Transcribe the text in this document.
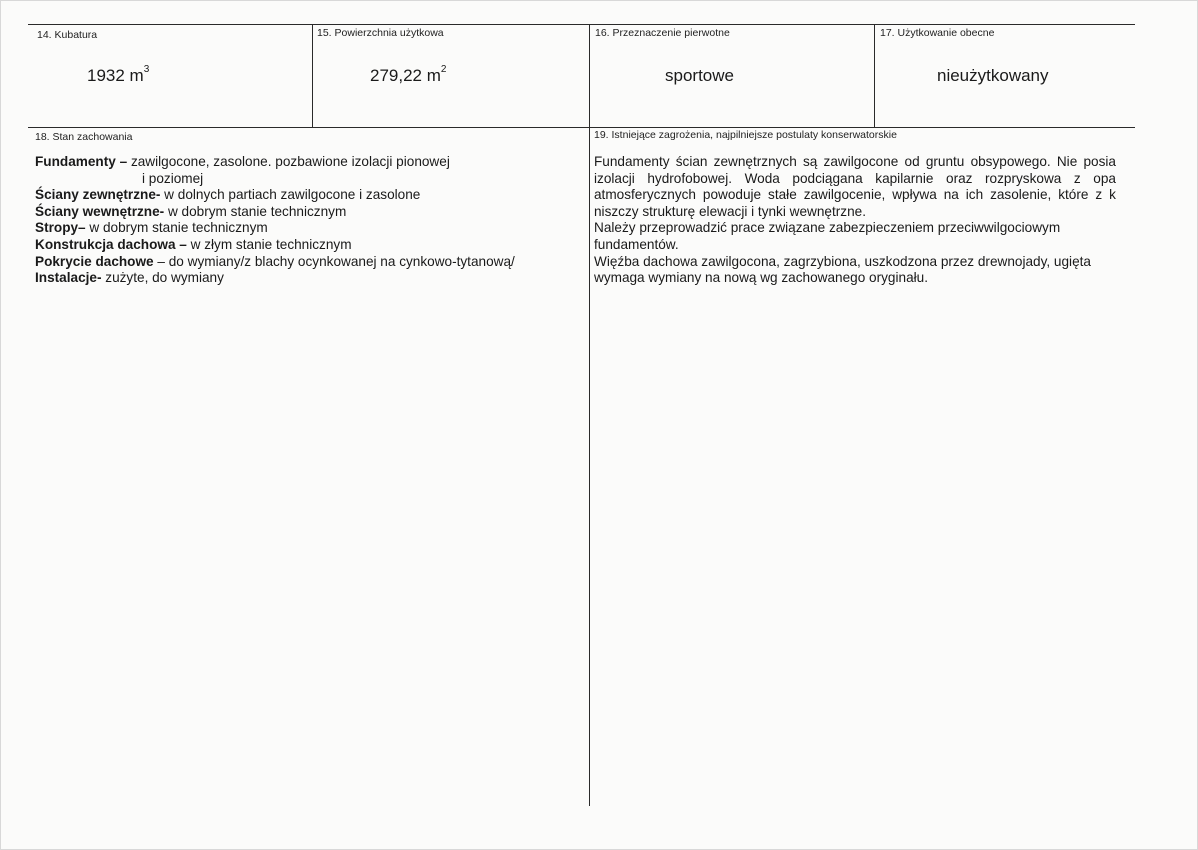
14. Kubatura
1932 $m^3$
15. Powierzchnia użytkowa
279,22 $m^2$
16. Przeznaczenie pierwotne
sportowe
17. Użytkowanie obecne
nieużytkowany
18. Stan zachowania	19. Istniejące zagrożenia, najpilniejsze postulaty konserwatorskie
Fundamenty – zawilgocone, zasolone. pozbawione izolacji pionowej
i poziomej
Ściany zewnętrzne- w dolnych partiach zawilgocone i zasolone
Ściany wewnętrzne- w dobrym stanie technicznym
Stropy– w dobrym stanie technicznym
Konstrukcja dachowa – w złym stanie technicznym
Pokrycie dachowe – do wymiany/z blachy ocynkowanej na cynkowo-tytanową/
Instalacje- zużyte, do wymiany
Fundamenty ścian zewnętrznych są zawilgocone od gruntu obsypowego. Nie posia
izolacji hydrofobowej. Woda podciągana kapilarnie oraz rozpryskowa z opa
atmosferycznych powoduje stałe zawilgocenie, wpływa na ich zasolenie, które z k
niszczy strukturę elewacji i tynki wewnętrzne.
Należy przeprowadzić prace związane zabezpieczeniem przeciwwilgociowym
fundamentów.
Więźba dachowa zawilgocona, zagrzybiona, uszkodzona przez drewnojady, ugięta
wymaga wymiany na nową wg zachowanego oryginału.
